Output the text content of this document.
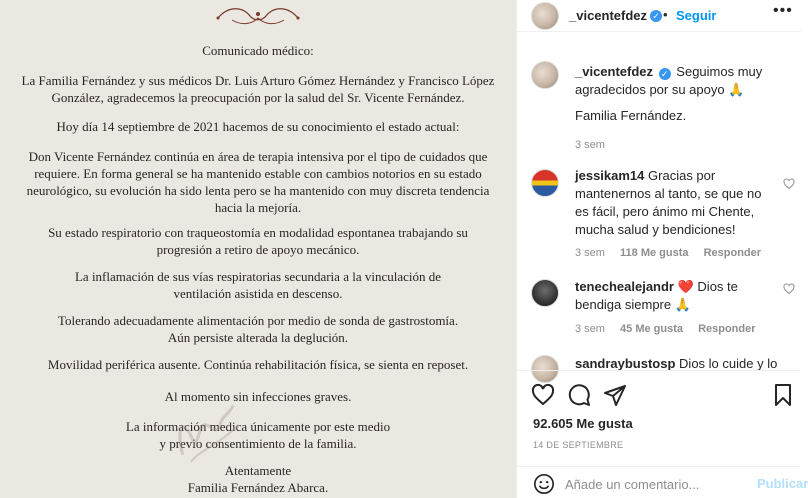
Comunicado médico:
La Familia Fernández y sus médicos Dr. Luis Arturo Gómez Hernández y Francisco López
González, agradecemos la preocupación por la salud del Sr. Vicente Fernández.
Hoy día 14 septiembre de 2021 hacemos de su conocimiento el estado actual:
Don Vicente Fernández continúa en área de terapia intensiva por el tipo de cuidados que
requiere. En forma general se ha mantenido estable con cambios notorios en su estado
neurológico, su evolución ha sido lenta pero se ha mantenido con muy discreta tendencia
hacia la mejoría.
Su estado respiratorio con traqueostomía en modalidad espontanea trabajando su
progresión a retiro de apoyo mecánico.
La inflamación de sus vías respiratorias secundaria a la vinculación de
ventilación asistida en descenso.
Tolerando adecuadamente alimentación por medio de sonda de gastrostomía.
Aún persiste alterada la deglución.
Movilidad periférica ausente. Continúa rehabilitación física, se sienta en reposet.
Al momento sin infecciones graves.
La información medica únicamente por este medio
y previo consentimiento de la familia.
Atentamente
Familia Fernández Abarca.
_vicentefdez ✓ • Seguir	•••
_vicentefdez ✓ Seguimos muy agradecidos por su apoyo 🙏
Familia Fernández.
3 sem
jessikam14 Gracias por mantenernos al tanto, se que no es fácil, pero ánimo mi Chente, mucha salud y bendiciones!
3 sem 118 Me gusta Responder
tenechealejandr ❤️ Dios te bendiga siempre 🙏
3 sem 45 Me gusta Responder
sandraybustosp Dios lo cuide y lo
92.605 Me gusta
14 DE SEPTIEMBRE
Añade un comentario...
Publicar
